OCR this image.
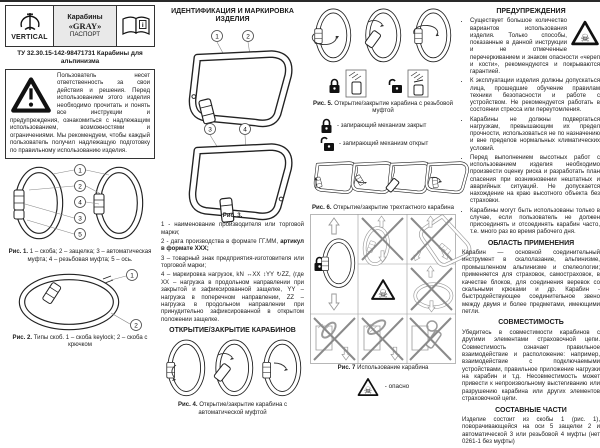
VERTICAL
Карабины
«GRAY»
ПАСПОРТ
i
ТУ 32.30.15-142-98471731 Карабины для альпинизма
Пользователь несет ответственность за свои действия и решения. Перед использованием этого изделия необходимо прочитать и понять все инструкции и предупреждения, ознакомиться с надлежащим использованием, возможностями и ограничениями. Мы рекомендуем, чтобы каждый пользователь получил надлежащую подготовку по правильному использованию изделия.
1
2
4
3
5
Рис. 1. 1 – скоба; 2 – защелка; 3 – автоматическая муфта; 4 – резьбовая муфта; 5 – ось.
1
2
Рис. 2. Типы скоб. 1 – скоба keylock; 2 – скоба с крючком
ИДЕНТИФИКАЦИЯ И МАРКИРОВКА ИЗДЕЛИЯ
1	2
3	4
Рис. 3.

1 - наименование производителя или торговой марки;

2 - дата производства в формате ГГ.ММ, артикул в формате XXX;

3 – товарный знак предприятия-изготовителя или торговой марки;

4 – маркировка нагрузок, kN ↔XX ↕YY ↻ZZ, (где XX – нагрузка в продольном направлении при закрытой и зафиксированной защелке, YY – нагрузка в поперечном направлении, ZZ – нагрузка в продольном направлении при принудительно зафиксированной в открытом положении защелке.

ОТКРЫТИЕ/ЗАКРЫТИЕ КАРАБИНОВ
Рис. 4. Открытие/закрытие карабина с автоматической муфтой
Рис. 5. Открытие/закрытие карабина с резьбовой муфтой
- запирающий механизм закрыт
- запирающий механизм открыт
Рис. 6. Открытие/закрытие трехтактного карабина
Рис. 7 Использование карабина
- опасно
ПРЕДУПРЕЖДЕНИЯ
• ☠
Существует большое количество вариантов использования изделия. Только способы, показанные в данной инструкции и не отмеченные перечеркиванием и знаком опасности «череп и кости», рекомендуются и покрываются гарантией.
• К эксплуатации изделия должны допускаться лица, прошедшие обучение правилам техники безопасности и работе с устройством. Не рекомендуется работать в состоянии стресса или переутомления.
• Карабины не должны подвергаться нагрузкам, превышающим их предел прочности, использоваться не по назначению и вне пределов нормальных климатических условий.
• Перед выполнением высотных работ с использованием изделия необходимо произвести оценку риска и разработать план спасения при возникновении нештатных и аварийных ситуаций. Не допускается нахождение на краю высотного объекта без страховки.
• Карабины могут быть использованы только в случае, если пользователь не должен присоединять и отсоединять карабин часто, т.е. много раз во время рабочего дня.
ОБЛАСТЬ ПРИМЕНЕНИЯ

Карабин — основной соединительный инструмент в скалолазание, альпинизме, промышленном альпинизме и спелеологии; применяется для страховок, самостраховок, в качестве блоков, для соединения веревок со скальными крюками и др. Карабин - быстродействующее соединительное звено между двумя и более предметами, имеющими петли.

СОВМЕСТИМОСТЬ

Убедитесь в совместимости карабинов с другими элементами страховочной цепи. Совместимость означает правильное взаимодействие и расположение: например, взаимодействие с подключаемыми устройствами, правильное приложение нагрузки на карабин и т.д. Несовместимость может привести к непроизвольному выстегиванию или разрушению карабина или других элементов страховочной цепи.

СОСТАВНЫЕ ЧАСТИ

Изделие состоит из скобы 1 (рис. 1), поворачивающейся на оси 5 защелки 2 и автоматической 3 или резьбовой 4 муфты (нет 0261-1 без муфты)
